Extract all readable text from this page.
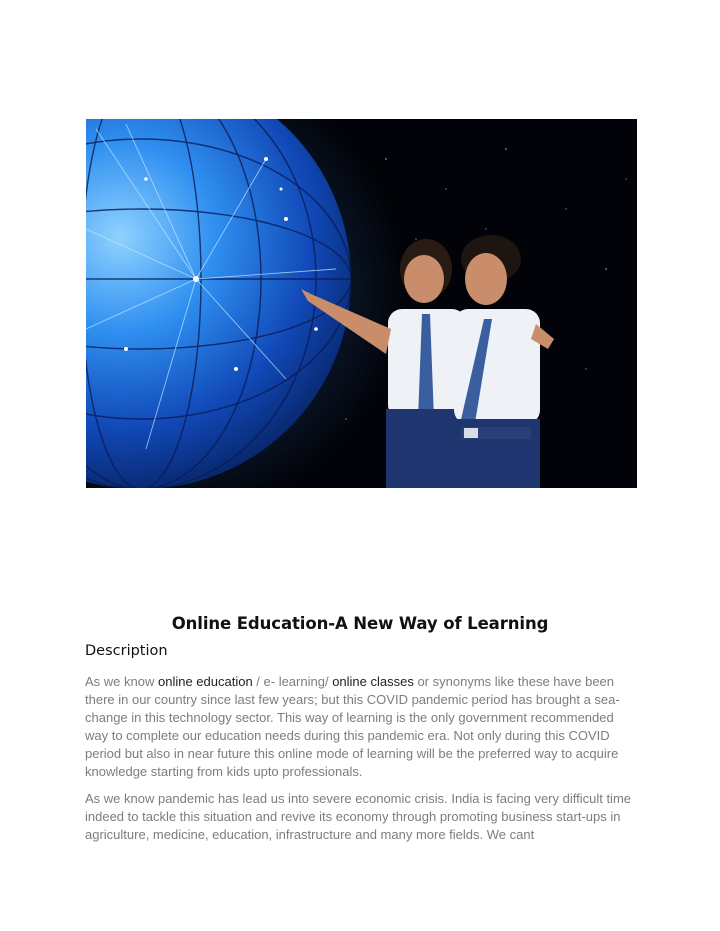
Online Education-A New Way of Learning
Description

As we know online education / e- learning/ online classes or synonyms like these have been there in our country since last few years; but this COVID pandemic period has brought a sea-change in this technology sector. This way of learning is the only government recommended way to complete our education needs during this pandemic era. Not only during this COVID period but also in near future this online mode of learning will be the preferred way to acquire knowledge starting from kids upto professionals.

As we know pandemic has lead us into severe economic crisis. India is facing very difficult time indeed to tackle this situation and revive its economy through promoting business start-ups in agriculture, medicine, education, infrastructure and many more fields. We cant
